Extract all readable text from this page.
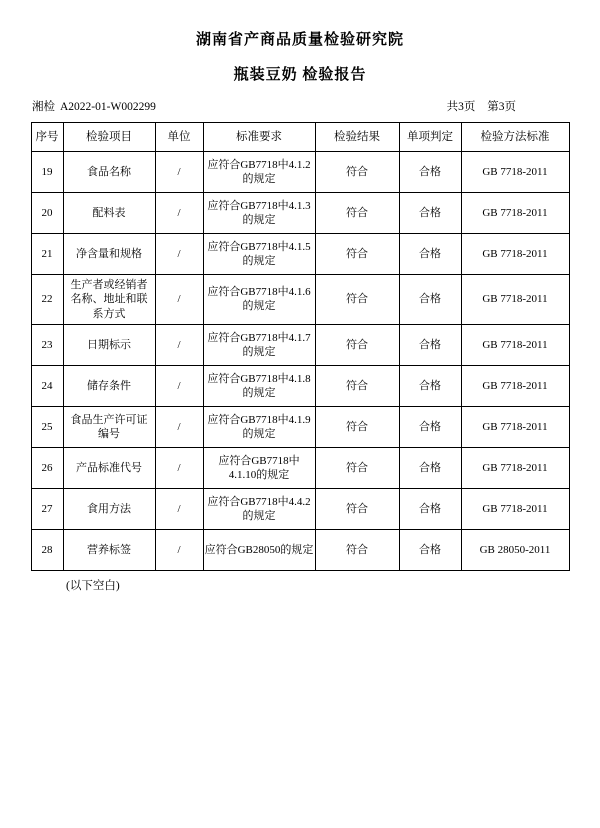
湖南省产商品质量检验研究院
瓶装豆奶 检验报告
湘检 A2022-01-W002299	共3页 第3页
序号	检验项目	单位	标准要求	检验结果	单项判定	检验方法标准
19	食品名称	/	应符合GB7718中4.1.2
的规定	符合	合格	GB 7718-2011
20	配料表	/	应符合GB7718中4.1.3
的规定	符合	合格	GB 7718-2011
21	净含量和规格	/	应符合GB7718中4.1.5
的规定	符合	合格	GB 7718-2011
22	生产者或经销者
名称、地址和联
系方式	/	应符合GB7718中4.1.6
的规定	符合	合格	GB 7718-2011
23	日期标示	/	应符合GB7718中4.1.7
的规定	符合	合格	GB 7718-2011
24	储存条件	/	应符合GB7718中4.1.8
的规定	符合	合格	GB 7718-2011
25	食品生产许可证
编号	/	应符合GB7718中4.1.9
的规定	符合	合格	GB 7718-2011
26	产品标准代号	/	应符合GB7718中
4.1.10的规定	符合	合格	GB 7718-2011
27	食用方法	/	应符合GB7718中4.4.2
的规定	符合	合格	GB 7718-2011
28	营养标签	/	应符合GB28050的规定	符合	合格	GB 28050-2011
(以下空白)
